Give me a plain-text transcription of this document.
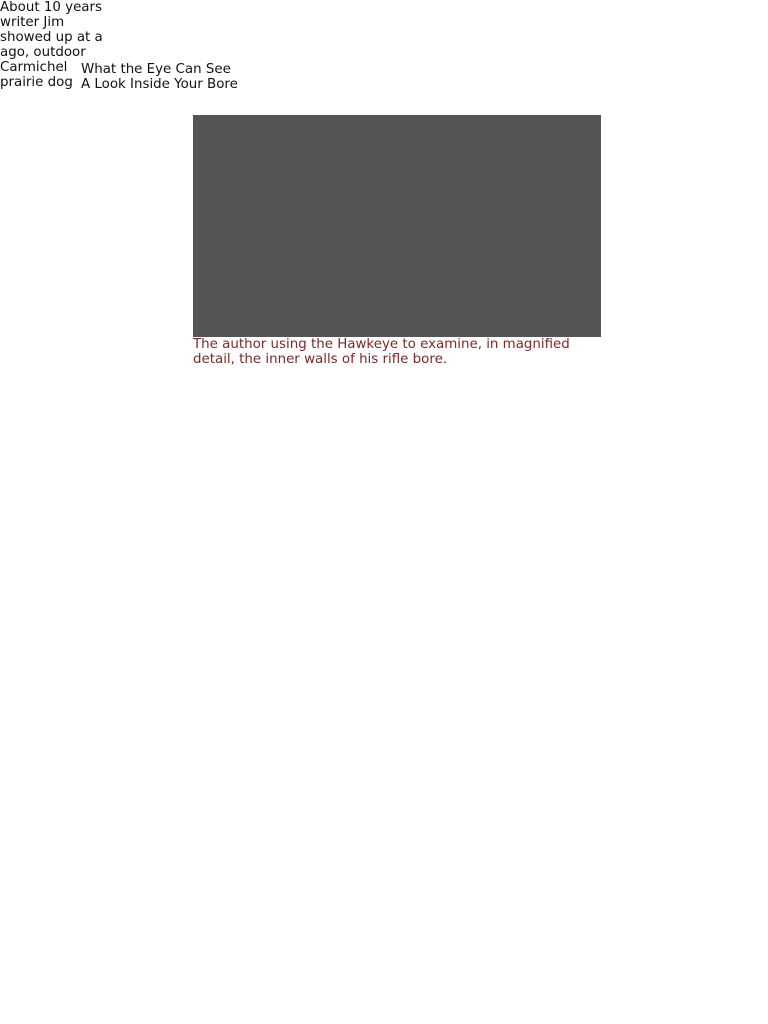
What the Eye Can See
A Look Inside Your Bore
The author using the Hawkeye to examine, in magnified detail, the inner walls of his rifle bore.
About 10 years
writer Jim
showed up at a
ago, outdoor
Carmichel
prairie dog
